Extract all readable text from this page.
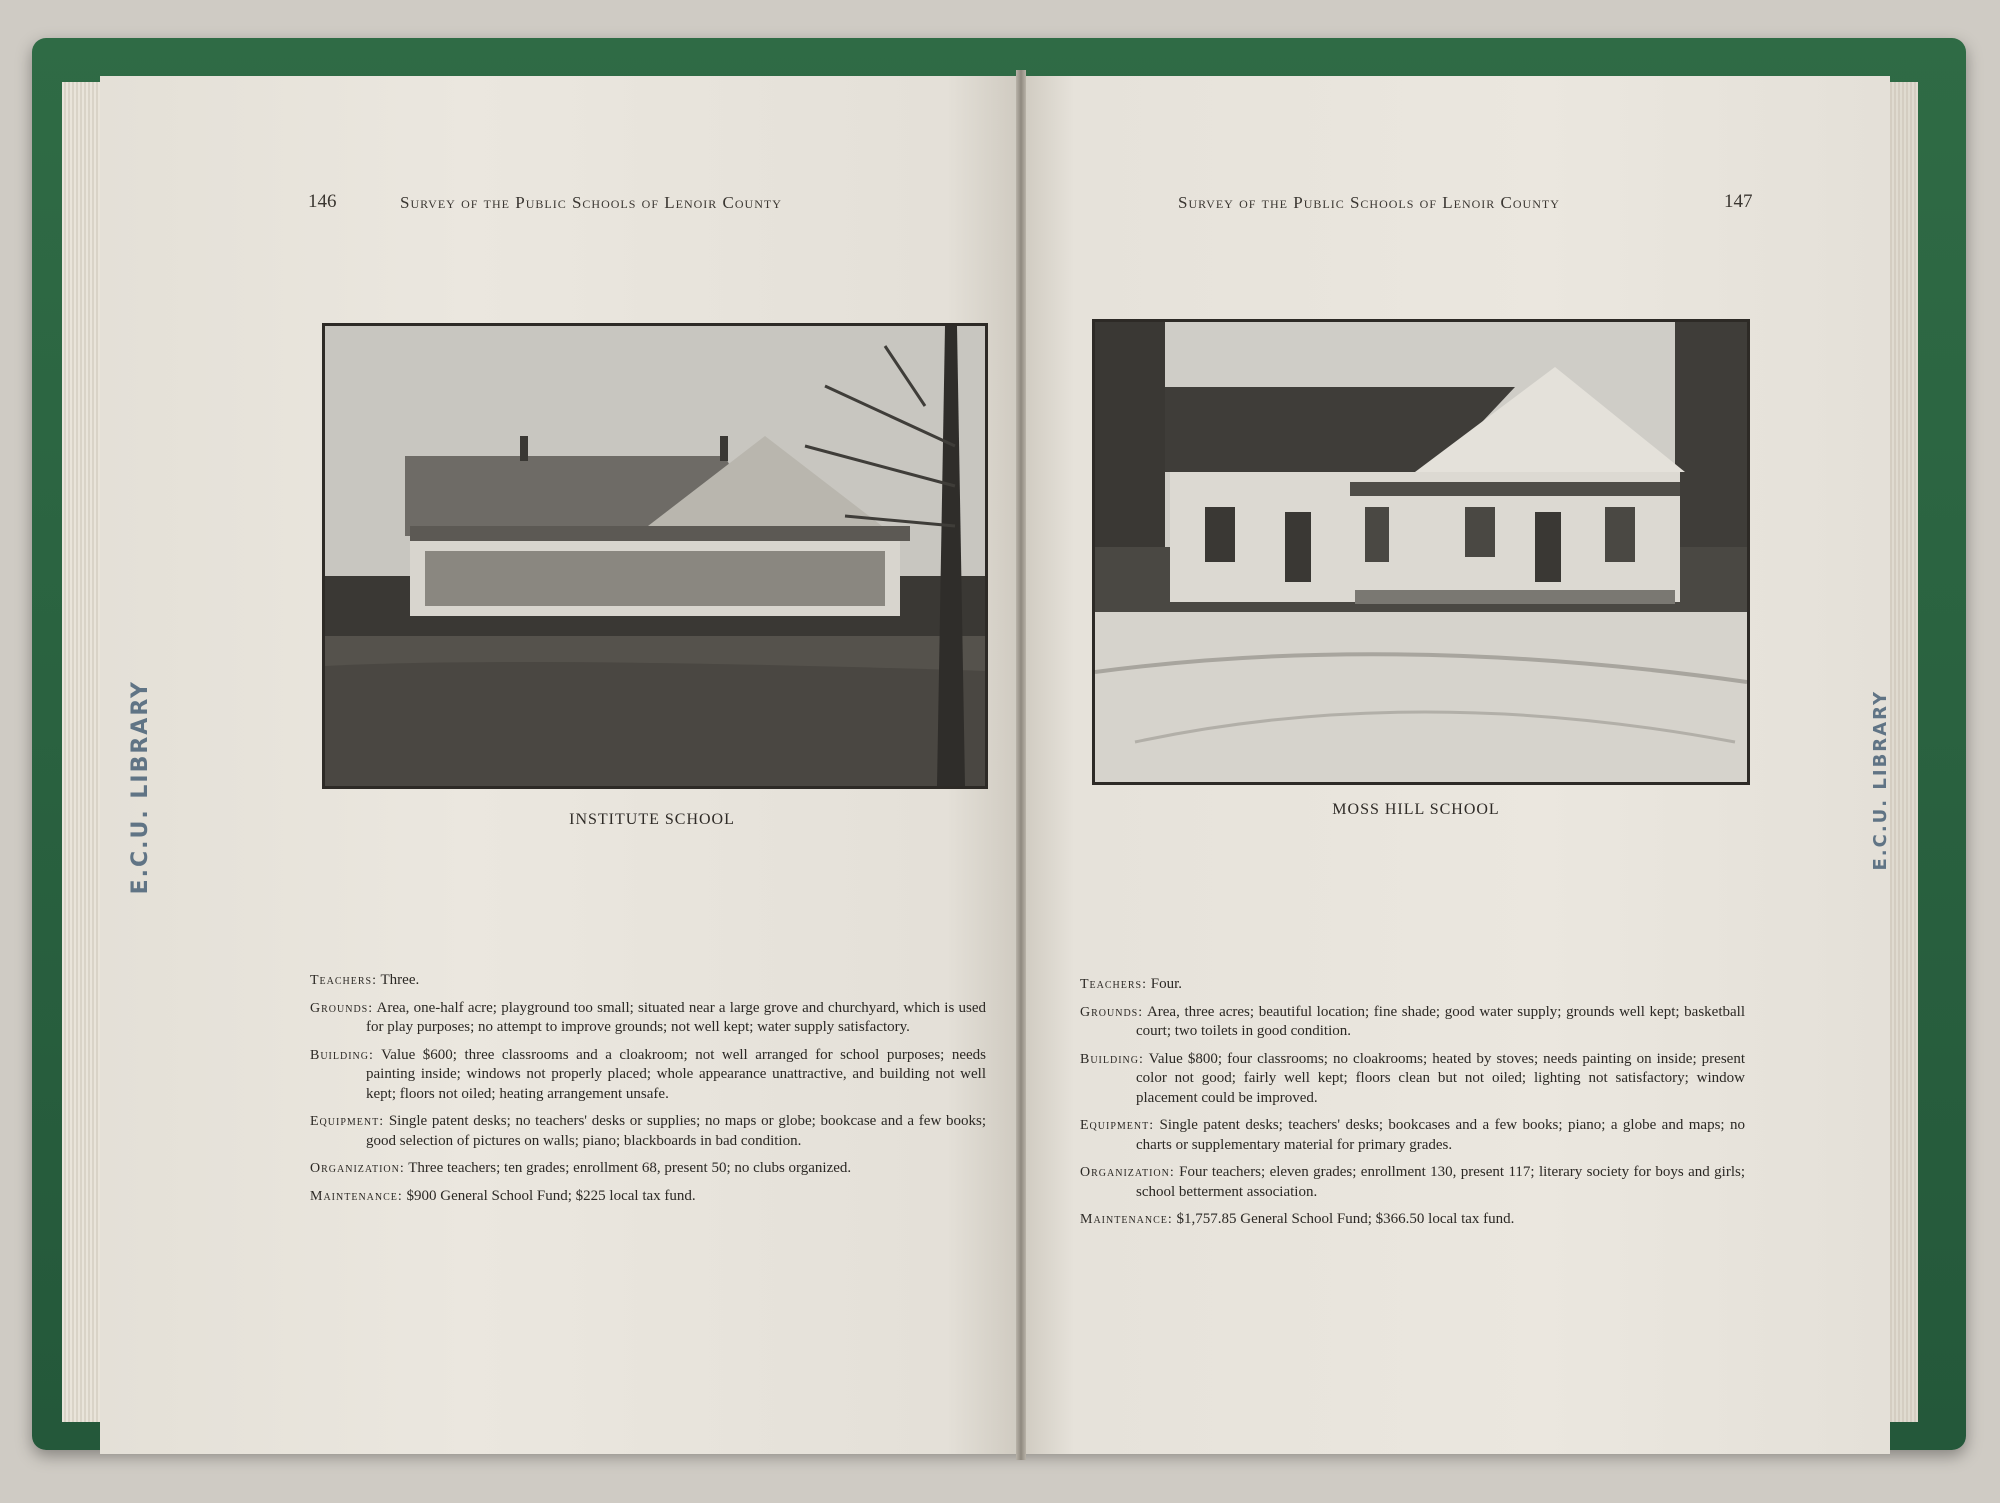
E.C.U. LIBRARY	E.C.U. LIBRARY
146	Survey of the Public Schools of Lenoir County
INSTITUTE SCHOOL

Teachers: Three.

Grounds: Area, one-half acre; playground too small; situated near a large grove and churchyard, which is used for play purposes; no attempt to improve grounds; not well kept; water supply satisfactory.

Building: Value $600; three classrooms and a cloakroom; not well arranged for school purposes; needs painting inside; windows not properly placed; whole appearance unattractive, and building not well kept; floors not oiled; heating arrangement unsafe.

Equipment: Single patent desks; no teachers' desks or supplies; no maps or globe; bookcase and a few books; good selection of pictures on walls; piano; blackboards in bad condition.

Organization: Three teachers; ten grades; enrollment 68, present 50; no clubs organized.

Maintenance: $900 General School Fund; $225 local tax fund.

Survey of the Public Schools of Lenoir County	147
MOSS HILL SCHOOL

Teachers: Four.

Grounds: Area, three acres; beautiful location; fine shade; good water supply; grounds well kept; basketball court; two toilets in good condition.

Building: Value $800; four classrooms; no cloakrooms; heated by stoves; needs painting on inside; present color not good; fairly well kept; floors clean but not oiled; lighting not satisfactory; window placement could be improved.

Equipment: Single patent desks; teachers' desks; bookcases and a few books; piano; a globe and maps; no charts or supplementary material for primary grades.

Organization: Four teachers; eleven grades; enrollment 130, present 117; literary society for boys and girls; school betterment association.

Maintenance: $1,757.85 General School Fund; $366.50 local tax fund.
